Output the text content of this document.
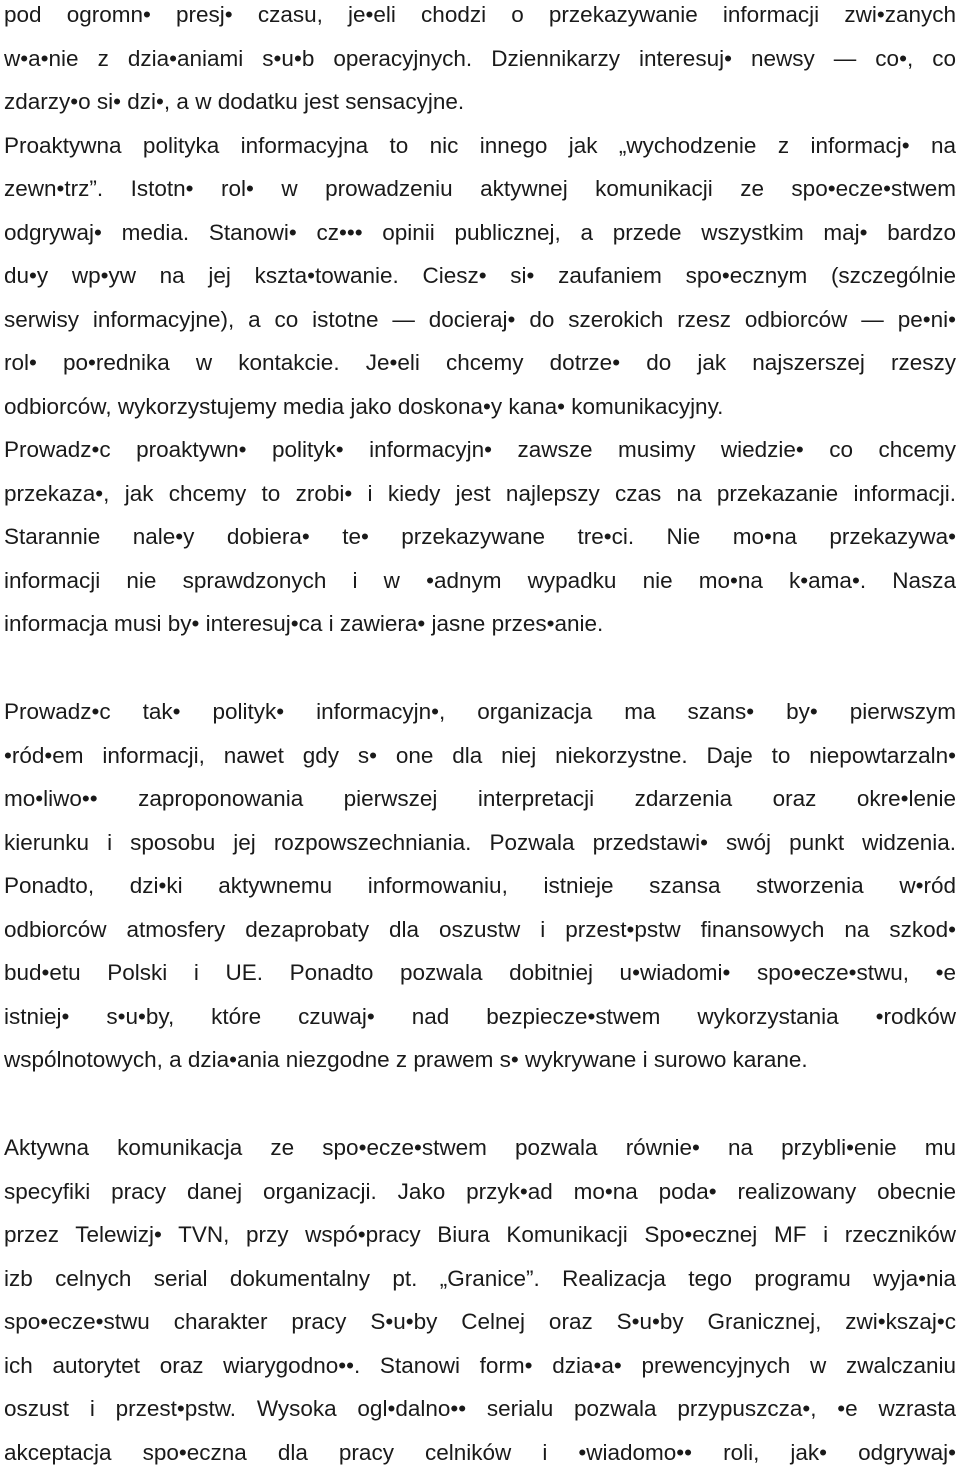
pod ogromn• presj• czasu, je•eli chodzi o przekazywanie informacji zwi•zanych
w•a•nie z dzia•aniami s•u•b operacyjnych. Dziennikarzy interesuj• newsy — co•, co
zdarzy•o si• dzi•, a w dodatku jest sensacyjne.
Proaktywna polityka informacyjna to nic innego jak „wychodzenie z informacj• na
zewn•trz”. Istotn• rol• w prowadzeniu aktywnej komunikacji ze spo•ecze•stwem
odgrywaj• media. Stanowi• cz••• opinii publicznej, a przede wszystkim maj• bardzo
du•y wp•yw na jej kszta•towanie. Ciesz• si• zaufaniem spo•ecznym (szczególnie
serwisy informacyjne), a co istotne — docieraj• do szerokich rzesz odbiorców — pe•ni•
rol• po•rednika w kontakcie. Je•eli chcemy dotrze• do jak najszerszej rzeszy
odbiorców, wykorzystujemy media jako doskona•y kana• komunikacyjny.
Prowadz•c proaktywn• polityk• informacyjn• zawsze musimy wiedzie• co chcemy
przekaza•, jak chcemy to zrobi• i kiedy jest najlepszy czas na przekazanie informacji.
Starannie nale•y dobiera• te• przekazywane tre•ci. Nie mo•na przekazywa•
informacji nie sprawdzonych i w •adnym wypadku nie mo•na k•ama•. Nasza
informacja musi by• interesuj•ca i zawiera• jasne przes•anie.
Prowadz•c tak• polityk• informacyjn•, organizacja ma szans• by• pierwszym
•ród•em informacji, nawet gdy s• one dla niej niekorzystne. Daje to niepowtarzaln•
mo•liwo•• zaproponowania pierwszej interpretacji zdarzenia oraz okre•lenie
kierunku i sposobu jej rozpowszechniania. Pozwala przedstawi• swój punkt widzenia.
Ponadto, dzi•ki aktywnemu informowaniu, istnieje szansa stworzenia w•ród
odbiorców atmosfery dezaprobaty dla oszustw i przest•pstw finansowych na szkod•
bud•etu Polski i UE. Ponadto pozwala dobitniej u•wiadomi• spo•ecze•stwu, •e
istniej• s•u•by, które czuwaj• nad bezpiecze•stwem wykorzystania •rodków
wspólnotowych, a dzia•ania niezgodne z prawem s• wykrywane i surowo karane.
Aktywna komunikacja ze spo•ecze•stwem pozwala równie• na przybli•enie mu
specyfiki pracy danej organizacji. Jako przyk•ad mo•na poda• realizowany obecnie
przez Telewizj• TVN, przy wspó•pracy Biura Komunikacji Spo•ecznej MF i rzeczników
izb celnych serial dokumentalny pt. „Granice”. Realizacja tego programu wyja•nia
spo•ecze•stwu charakter pracy S•u•by Celnej oraz S•u•by Granicznej, zwi•kszaj•c
ich autorytet oraz wiarygodno••. Stanowi form• dzia•a• prewencyjnych w zwalczaniu
oszust i przest•pstw. Wysoka ogl•dalno•• serialu pozwala przypuszcza•, •e wzrasta
akceptacja spo•eczna dla pracy celników i •wiadomo•• roli, jak• odgrywaj•
